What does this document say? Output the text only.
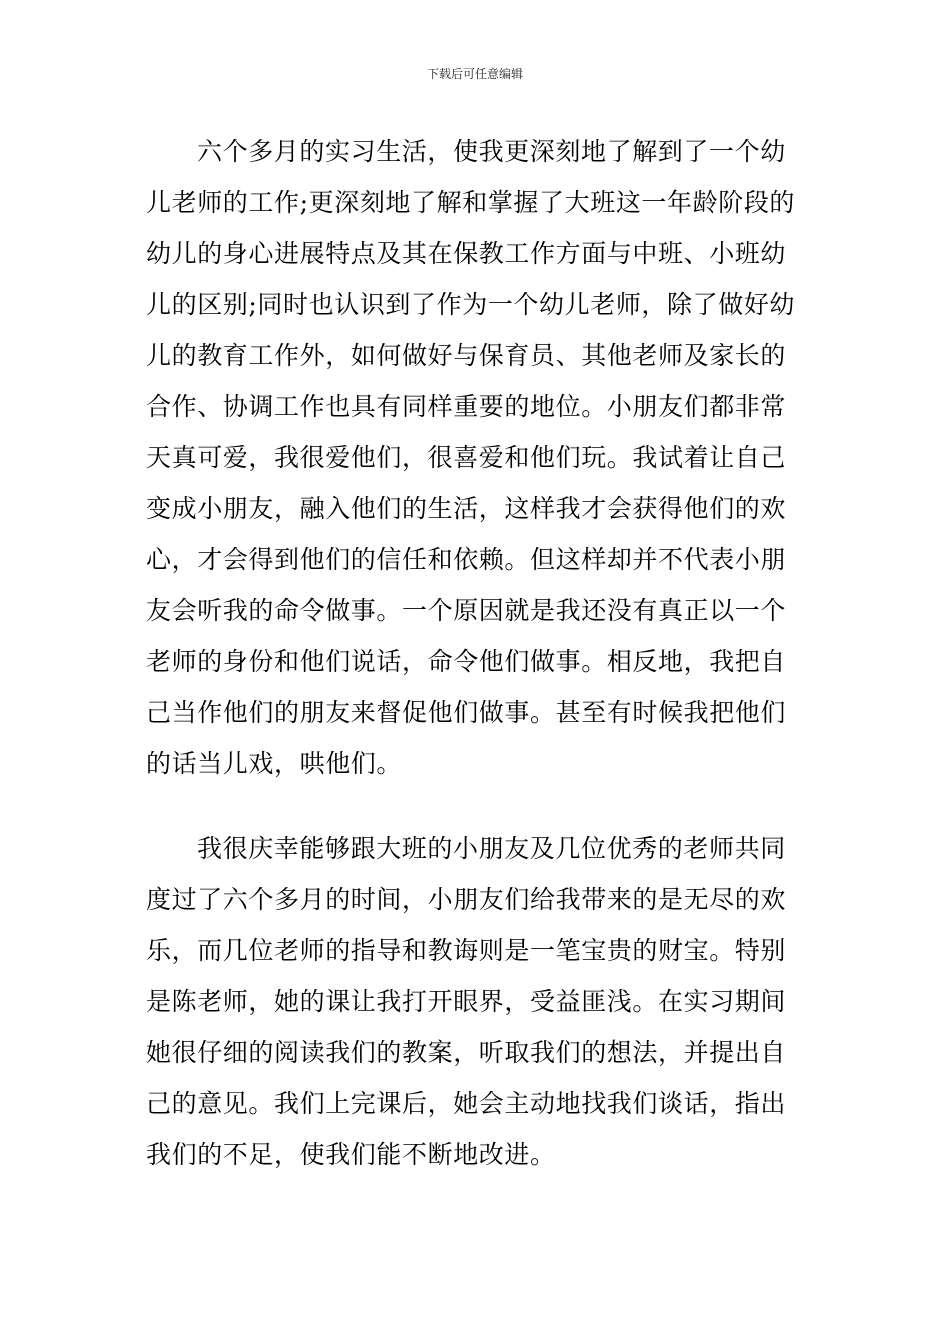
下载后可任意编辑
六个多月的实习生活，使我更深刻地了解到了一个幼
儿老师的工作;更深刻地了解和掌握了大班这一年龄阶段的
幼儿的身心进展特点及其在保教工作方面与中班、小班幼
儿的区别;同时也认识到了作为一个幼儿老师，除了做好幼
儿的教育工作外，如何做好与保育员、其他老师及家长的
合作、协调工作也具有同样重要的地位。小朋友们都非常
天真可爱，我很爱他们，很喜爱和他们玩。我试着让自己
变成小朋友，融入他们的生活，这样我才会获得他们的欢
心，才会得到他们的信任和依赖。但这样却并不代表小朋
友会听我的命令做事。一个原因就是我还没有真正以一个
老师的身份和他们说话，命令他们做事。相反地，我把自
己当作他们的朋友来督促他们做事。甚至有时候我把他们
的话当儿戏，哄他们。
我很庆幸能够跟大班的小朋友及几位优秀的老师共同
度过了六个多月的时间，小朋友们给我带来的是无尽的欢
乐，而几位老师的指导和教诲则是一笔宝贵的财宝。特别
是陈老师，她的课让我打开眼界，受益匪浅。在实习期间
她很仔细的阅读我们的教案，听取我们的想法，并提出自
己的意见。我们上完课后，她会主动地找我们谈话，指出
我们的不足，使我们能不断地改进。
